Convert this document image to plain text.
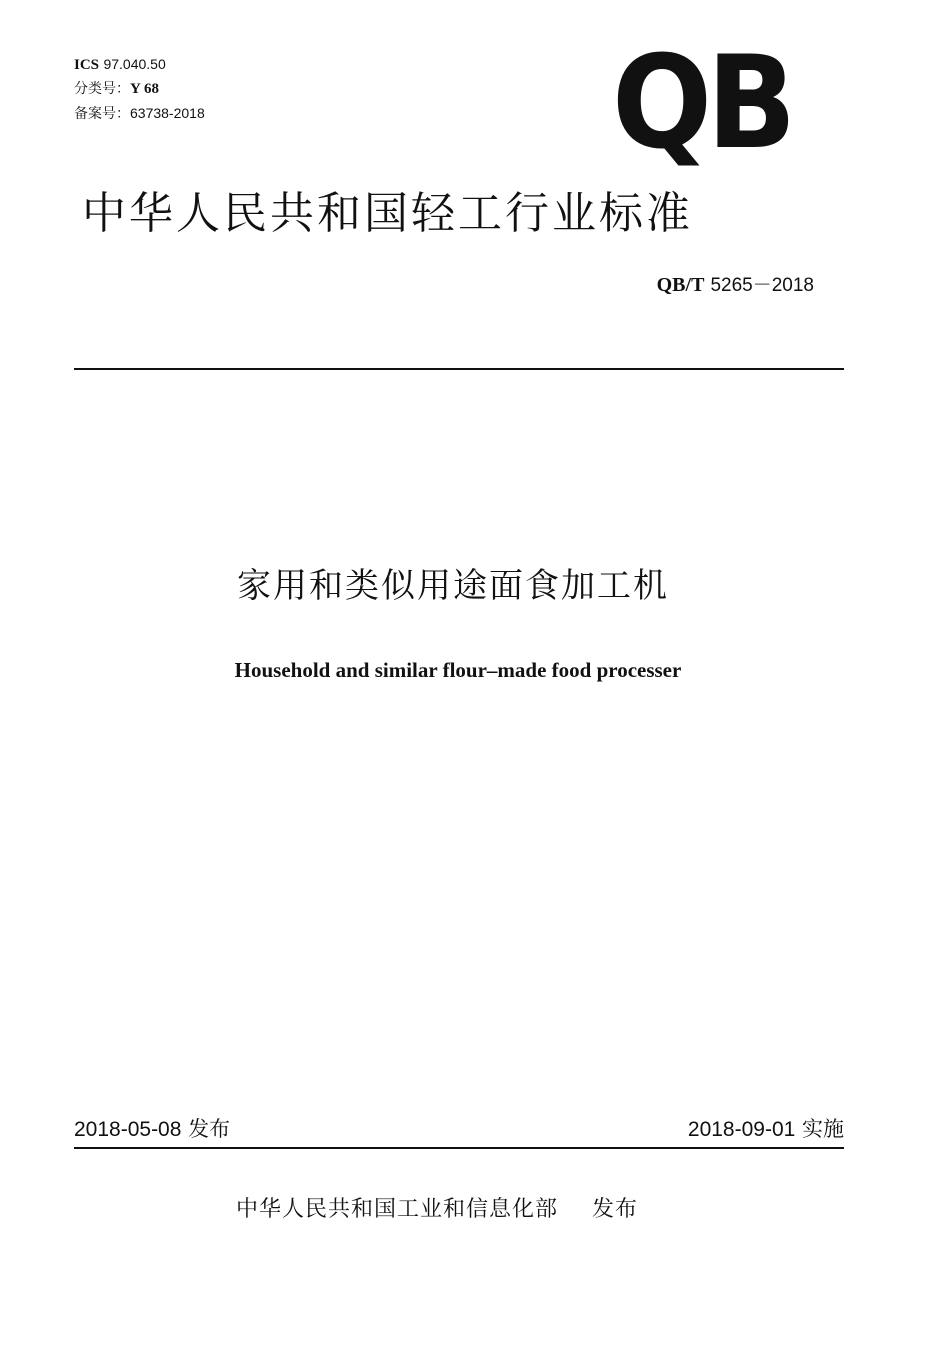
ICS 97.040.50
分类号：Y 68
备案号：63738-2018	QB
中华人民共和国轻工行业标准
QB/T 5265－2018
家用和类似用途面食加工机
Household and similar flour–made food processer
2018-05-08 发布	2018-09-01 实施
中华人民共和国工业和信息化部 发布
